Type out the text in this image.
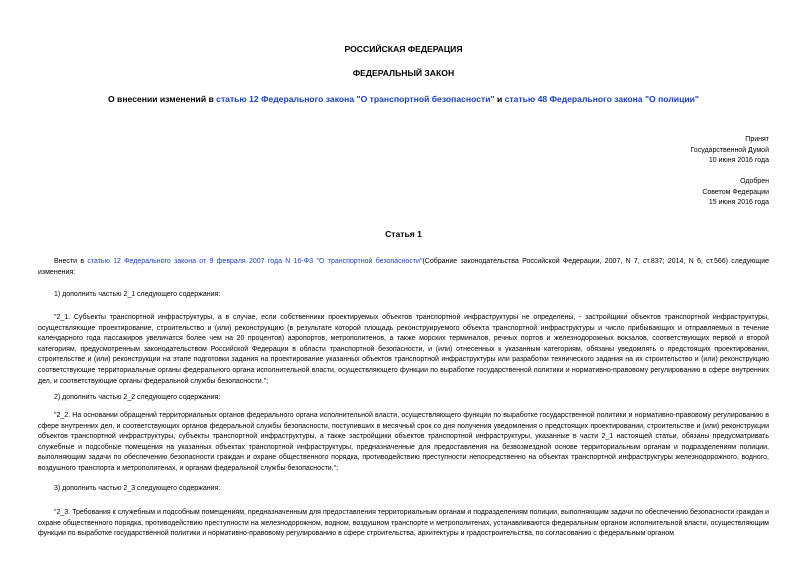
РОССИЙСКАЯ ФЕДЕРАЦИЯ
ФЕДЕРАЛЬНЫЙ ЗАКОН
О внесении изменений в статью 12 Федерального закона "О транспортной безопасности" и статью 48 Федерального закона "О полиции"
Принят
Государственной Думой
10 июня 2016 года
Одобрен
Советом Федерации
15 июня 2016 года
Статья 1
Внести в статью 12 Федерального закона от 9 февраля 2007 года N 16-ФЗ "О транспортной безопасности"(Собрание законодательства Российской Федерации, 2007, N 7, ст.837; 2014, N 6, ст.566) следующие изменения:
1) дополнить частью 2_1 следующего содержания:
"2_1. Субъекты транспортной инфраструктуры, а в случае, если собственники проектируемых объектов транспортной инфраструктуры не определены, - застройщики объектов транспортной инфраструктуры, осуществляющие проектирование, строительство и (или) реконструкцию (в результате которой площадь реконструируемого объекта транспортной инфраструктуры и число прибывающих и отправляемых в течение календарного года пассажиров увеличатся более чем на 20 процентов) аэропортов, метрополитенов, а также морских терминалов, речных портов и железнодорожных вокзалов, соответствующих первой и второй категориям, предусмотренным законодательством Российской Федерации в области транспортной безопасности, и (или) отнесенных к указанным категориям, обязаны уведомлять о предстоящих проектировании, строительстве и (или) реконструкции на этапе подготовки задания на проектирование указанных объектов транспортной инфраструктуры или разработки технического задания на их строительство и (или) реконструкцию соответствующие территориальные органы федерального органа исполнительной власти, осуществляющего функции по выработке государственной политики и нормативно-правовому регулированию в сфере внутренних дел, и соответствующие органы федеральной службы безопасности.";
2) дополнить частью 2_2 следующего содержания:
"2_2. На основании обращений территориальных органов федерального органа исполнительной власти, осуществляющего функции по выработке государственной политики и нормативно-правовому регулированию в сфере внутренних дел, и соответствующих органов федеральной службы безопасности, поступивших в месячный срок со дня получения уведомления о предстоящих проектировании, строительстве и (или) реконструкции объектов транспортной инфраструктуры, субъекты транспортной инфраструктуры, а также застройщики объектов транспортной инфраструктуры, указанные в части 2_1 настоящей статьи, обязаны предусматривать служебные и подсобные помещения на указанных объектах транспортной инфраструктуры, предназначенные для предоставления на безвозмездной основе территориальным органам и подразделениям полиции, выполняющим задачи по обеспечению безопасности граждан и охране общественного порядка, противодействию преступности непосредственно на объектах транспортной инфраструктуры железнодорожного, водного, воздушного транспорта и метрополитенах, и органам федеральной службы безопасности.";
3) дополнить частью 2_3 следующего содержания:
"2_3. Требования к служебным и подсобным помещениям, предназначенным для предоставления территориальным органам и подразделениям полиции, выполняющим задачи по обеспечению безопасности граждан и охране общественного порядка, противодействию преступности на железнодорожном, водном, воздушном транспорте и метрополитенах, устанавливаются федеральным органом исполнительной власти, осуществляющим функции по выработке государственной политики и нормативно-правовому регулированию в сфере строительства, архитектуры и градостроительства, по согласованию с федеральным органом
